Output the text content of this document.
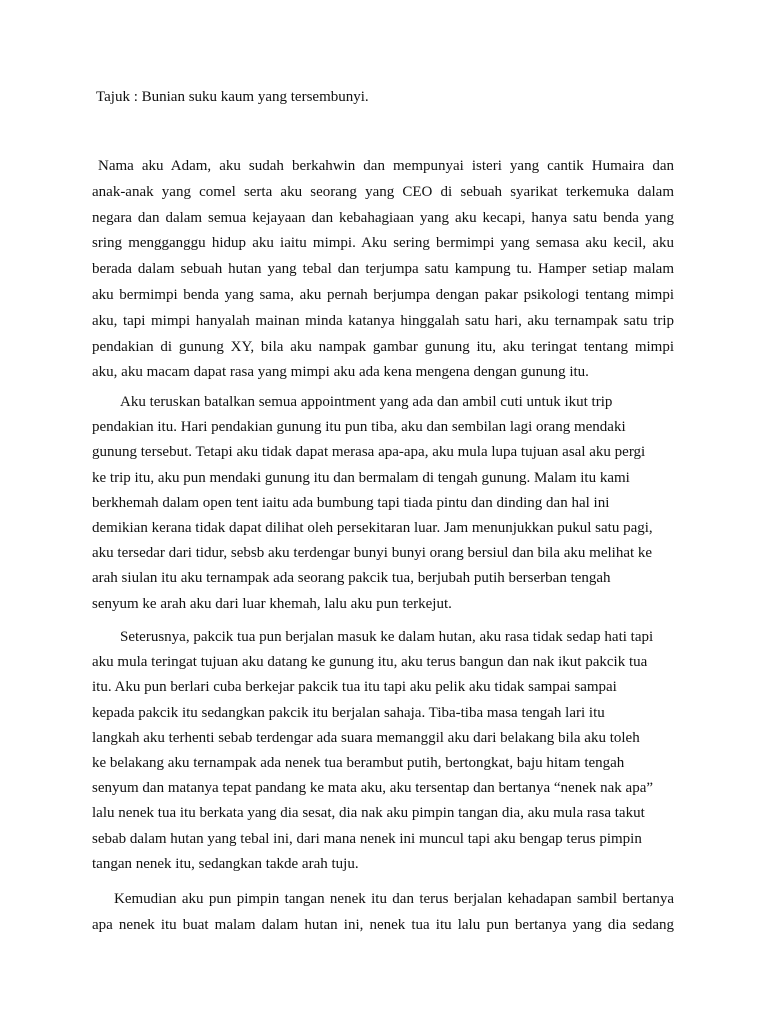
Tajuk : Bunian suku kaum yang tersembunyi.
Nama aku Adam, aku sudah berkahwin dan mempunyai isteri yang cantik Humaira dan
anak-anak yang comel serta aku seorang yang CEO di sebuah syarikat terkemuka dalam
negara dan dalam semua kejayaan dan kebahagiaan yang aku kecapi, hanya satu benda yang
sring mengganggu hidup aku iaitu mimpi. Aku sering bermimpi yang semasa aku kecil, aku
berada dalam sebuah hutan yang tebal dan terjumpa satu kampung tu. Hamper setiap malam
aku bermimpi benda yang sama, aku pernah berjumpa dengan pakar psikologi tentang mimpi
aku, tapi mimpi hanyalah mainan minda katanya hinggalah satu hari, aku ternampak satu trip
pendakian di gunung XY, bila aku nampak gambar gunung itu, aku teringat tentang mimpi
aku, aku macam dapat rasa yang mimpi aku ada kena mengena dengan gunung itu.
Aku teruskan batalkan semua appointment yang ada dan ambil cuti untuk ikut trip
pendakian itu. Hari pendakian gunung itu pun tiba, aku dan sembilan lagi orang mendaki
gunung tersebut. Tetapi aku tidak dapat merasa apa-apa, aku mula lupa tujuan asal aku pergi
ke trip itu, aku pun mendaki gunung itu dan bermalam di tengah gunung. Malam itu kami
berkhemah dalam open tent iaitu ada bumbung tapi tiada pintu dan dinding dan hal ini
demikian kerana tidak dapat dilihat oleh persekitaran luar. Jam menunjukkan pukul satu pagi,
aku tersedar dari tidur, sebsb aku terdengar bunyi bunyi orang bersiul dan bila aku melihat ke
arah siulan itu aku ternampak ada seorang pakcik tua, berjubah putih berserban tengah
senyum ke arah aku dari luar khemah, lalu aku pun terkejut.
Seterusnya, pakcik tua pun berjalan masuk ke dalam hutan, aku rasa tidak sedap hati tapi
aku mula teringat tujuan aku datang ke gunung itu, aku terus bangun dan nak ikut pakcik tua
itu. Aku pun berlari cuba berkejar pakcik tua itu tapi aku pelik aku tidak sampai sampai
kepada pakcik itu sedangkan pakcik itu berjalan sahaja. Tiba-tiba masa tengah lari itu
langkah aku terhenti sebab terdengar ada suara memanggil aku dari belakang bila aku toleh
ke belakang aku ternampak ada nenek tua berambut putih, bertongkat, baju hitam tengah
senyum dan matanya tepat pandang ke mata aku, aku tersentap dan bertanya “nenek nak apa”
lalu nenek tua itu berkata yang dia sesat, dia nak aku pimpin tangan dia, aku mula rasa takut
sebab dalam hutan yang tebal ini, dari mana nenek ini muncul tapi aku bengap terus pimpin
tangan nenek itu, sedangkan takde arah tuju.
Kemudian aku pun pimpin tangan nenek itu dan terus berjalan kehadapan sambil bertanya
apa nenek itu buat malam dalam hutan ini, nenek tua itu lalu pun bertanya yang dia sedang
